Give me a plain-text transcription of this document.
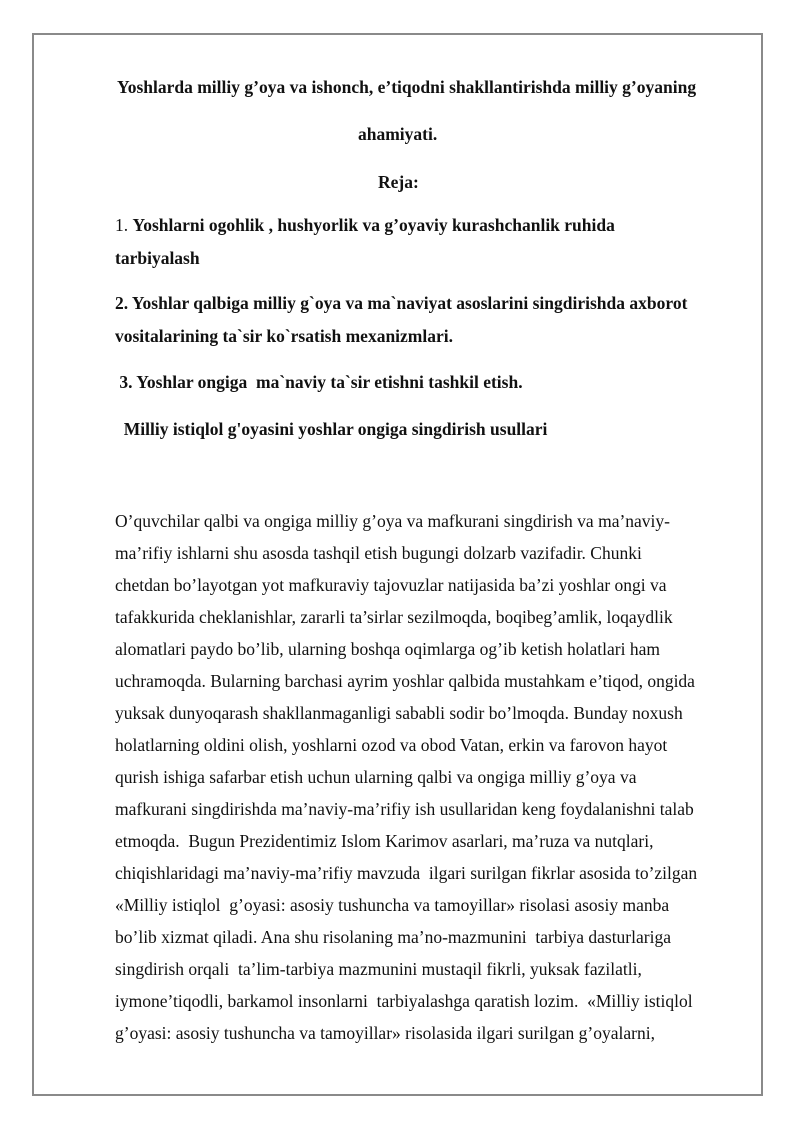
Yoshlarda milliy g’oya va ishonch, e’tiqodni shakllantirishda milliy g’oyaning
ahamiyati.
Reja:
1. Yoshlarni ogohlik , hushyorlik va g’oyaviy kurashchanlik ruhida
tarbiyalash
2. Yoshlar qalbiga milliy g`oya va ma`naviyat asoslarini singdirishda axborot
vositalarining ta`sir ko`rsatish mexanizmlari.
3. Yoshlar ongiga  ma`naviy ta`sir etishni tashkil etish.
Milliy istiqlol g'oyasini yoshlar ongiga singdirish usullari
O’quvchilar qalbi va ongiga milliy g’oya va mafkurani singdirish va ma’naviy-
ma’rifiy ishlarni shu asosda tashqil etish bugungi dolzarb vazifadir. Chunki
chetdan bo’layotgan yot mafkuraviy tajovuzlar natijasida ba’zi yoshlar ongi va
tafakkurida cheklanishlar, zararli ta’sirlar sezilmoqda, boqibeg’amlik, loqaydlik
alomatlari paydo bo’lib, ularning boshqa oqimlarga og’ib ketish holatlari ham
uchramoqda. Bularning barchasi ayrim yoshlar qalbida mustahkam e’tiqod, ongida
yuksak dunyoqarash shakllanmaganligi sababli sodir bo’lmoqda. Bunday noxush
holatlarning oldini olish, yoshlarni ozod va obod Vatan, erkin va farovon hayot
qurish ishiga safarbar etish uchun ularning qalbi va ongiga milliy g’oya va
mafkurani singdirishda ma’naviy-ma’rifiy ish usullaridan keng foydalanishni talab
etmoqda.  Bugun Prezidentimiz Islom Karimov asarlari, ma’ruza va nutqlari,
chiqishlaridagi ma’naviy-ma’rifiy mavzuda  ilgari surilgan fikrlar asosida to’zilgan
«Milliy istiqlol  g’oyasi: asosiy tushuncha va tamoyillar» risolasi asosiy manba
bo’lib xizmat qiladi. Ana shu risolaning ma’no-mazmunini  tarbiya dasturlariga
singdirish orqali  ta’lim-tarbiya mazmunini mustaqil fikrli, yuksak fazilatli,
iymone’tiqodli, barkamol insonlarni  tarbiyalashga qaratish lozim.  «Milliy istiqlol
g’oyasi: asosiy tushuncha va tamoyillar» risolasida ilgari surilgan g’oyalarni,
